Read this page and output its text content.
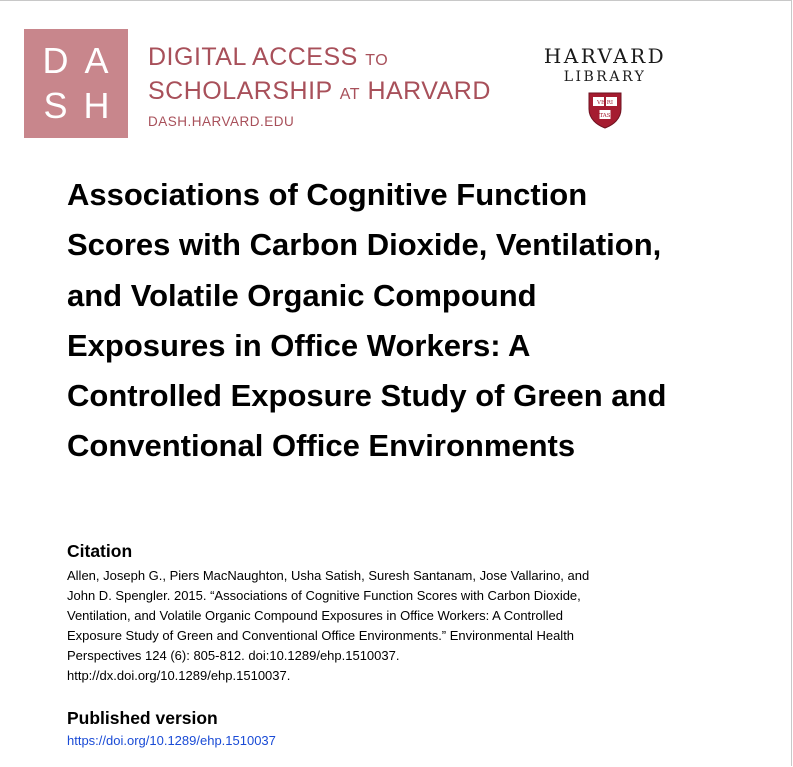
D A
S H
DIGITAL ACCESS TO
SCHOLARSHIP AT HARVARD
DASH.HARVARD.EDU
HARVARD
LIBRARY
VE RI
TAS
Associations of Cognitive Function Scores with Carbon Dioxide, Ventilation, and Volatile Organic Compound Exposures in Office Workers: A Controlled Exposure Study of Green and Conventional Office Environments
Citation
Allen, Joseph G., Piers MacNaughton, Usha Satish, Suresh Santanam, Jose Vallarino, and
John D. Spengler. 2015. “Associations of Cognitive Function Scores with Carbon Dioxide,
Ventilation, and Volatile Organic Compound Exposures in Office Workers: A Controlled
Exposure Study of Green and Conventional Office Environments.” Environmental Health
Perspectives 124 (6): 805-812. doi:10.1289/ehp.1510037.
http://dx.doi.org/10.1289/ehp.1510037.
Published version
https://doi.org/10.1289/ehp.1510037
